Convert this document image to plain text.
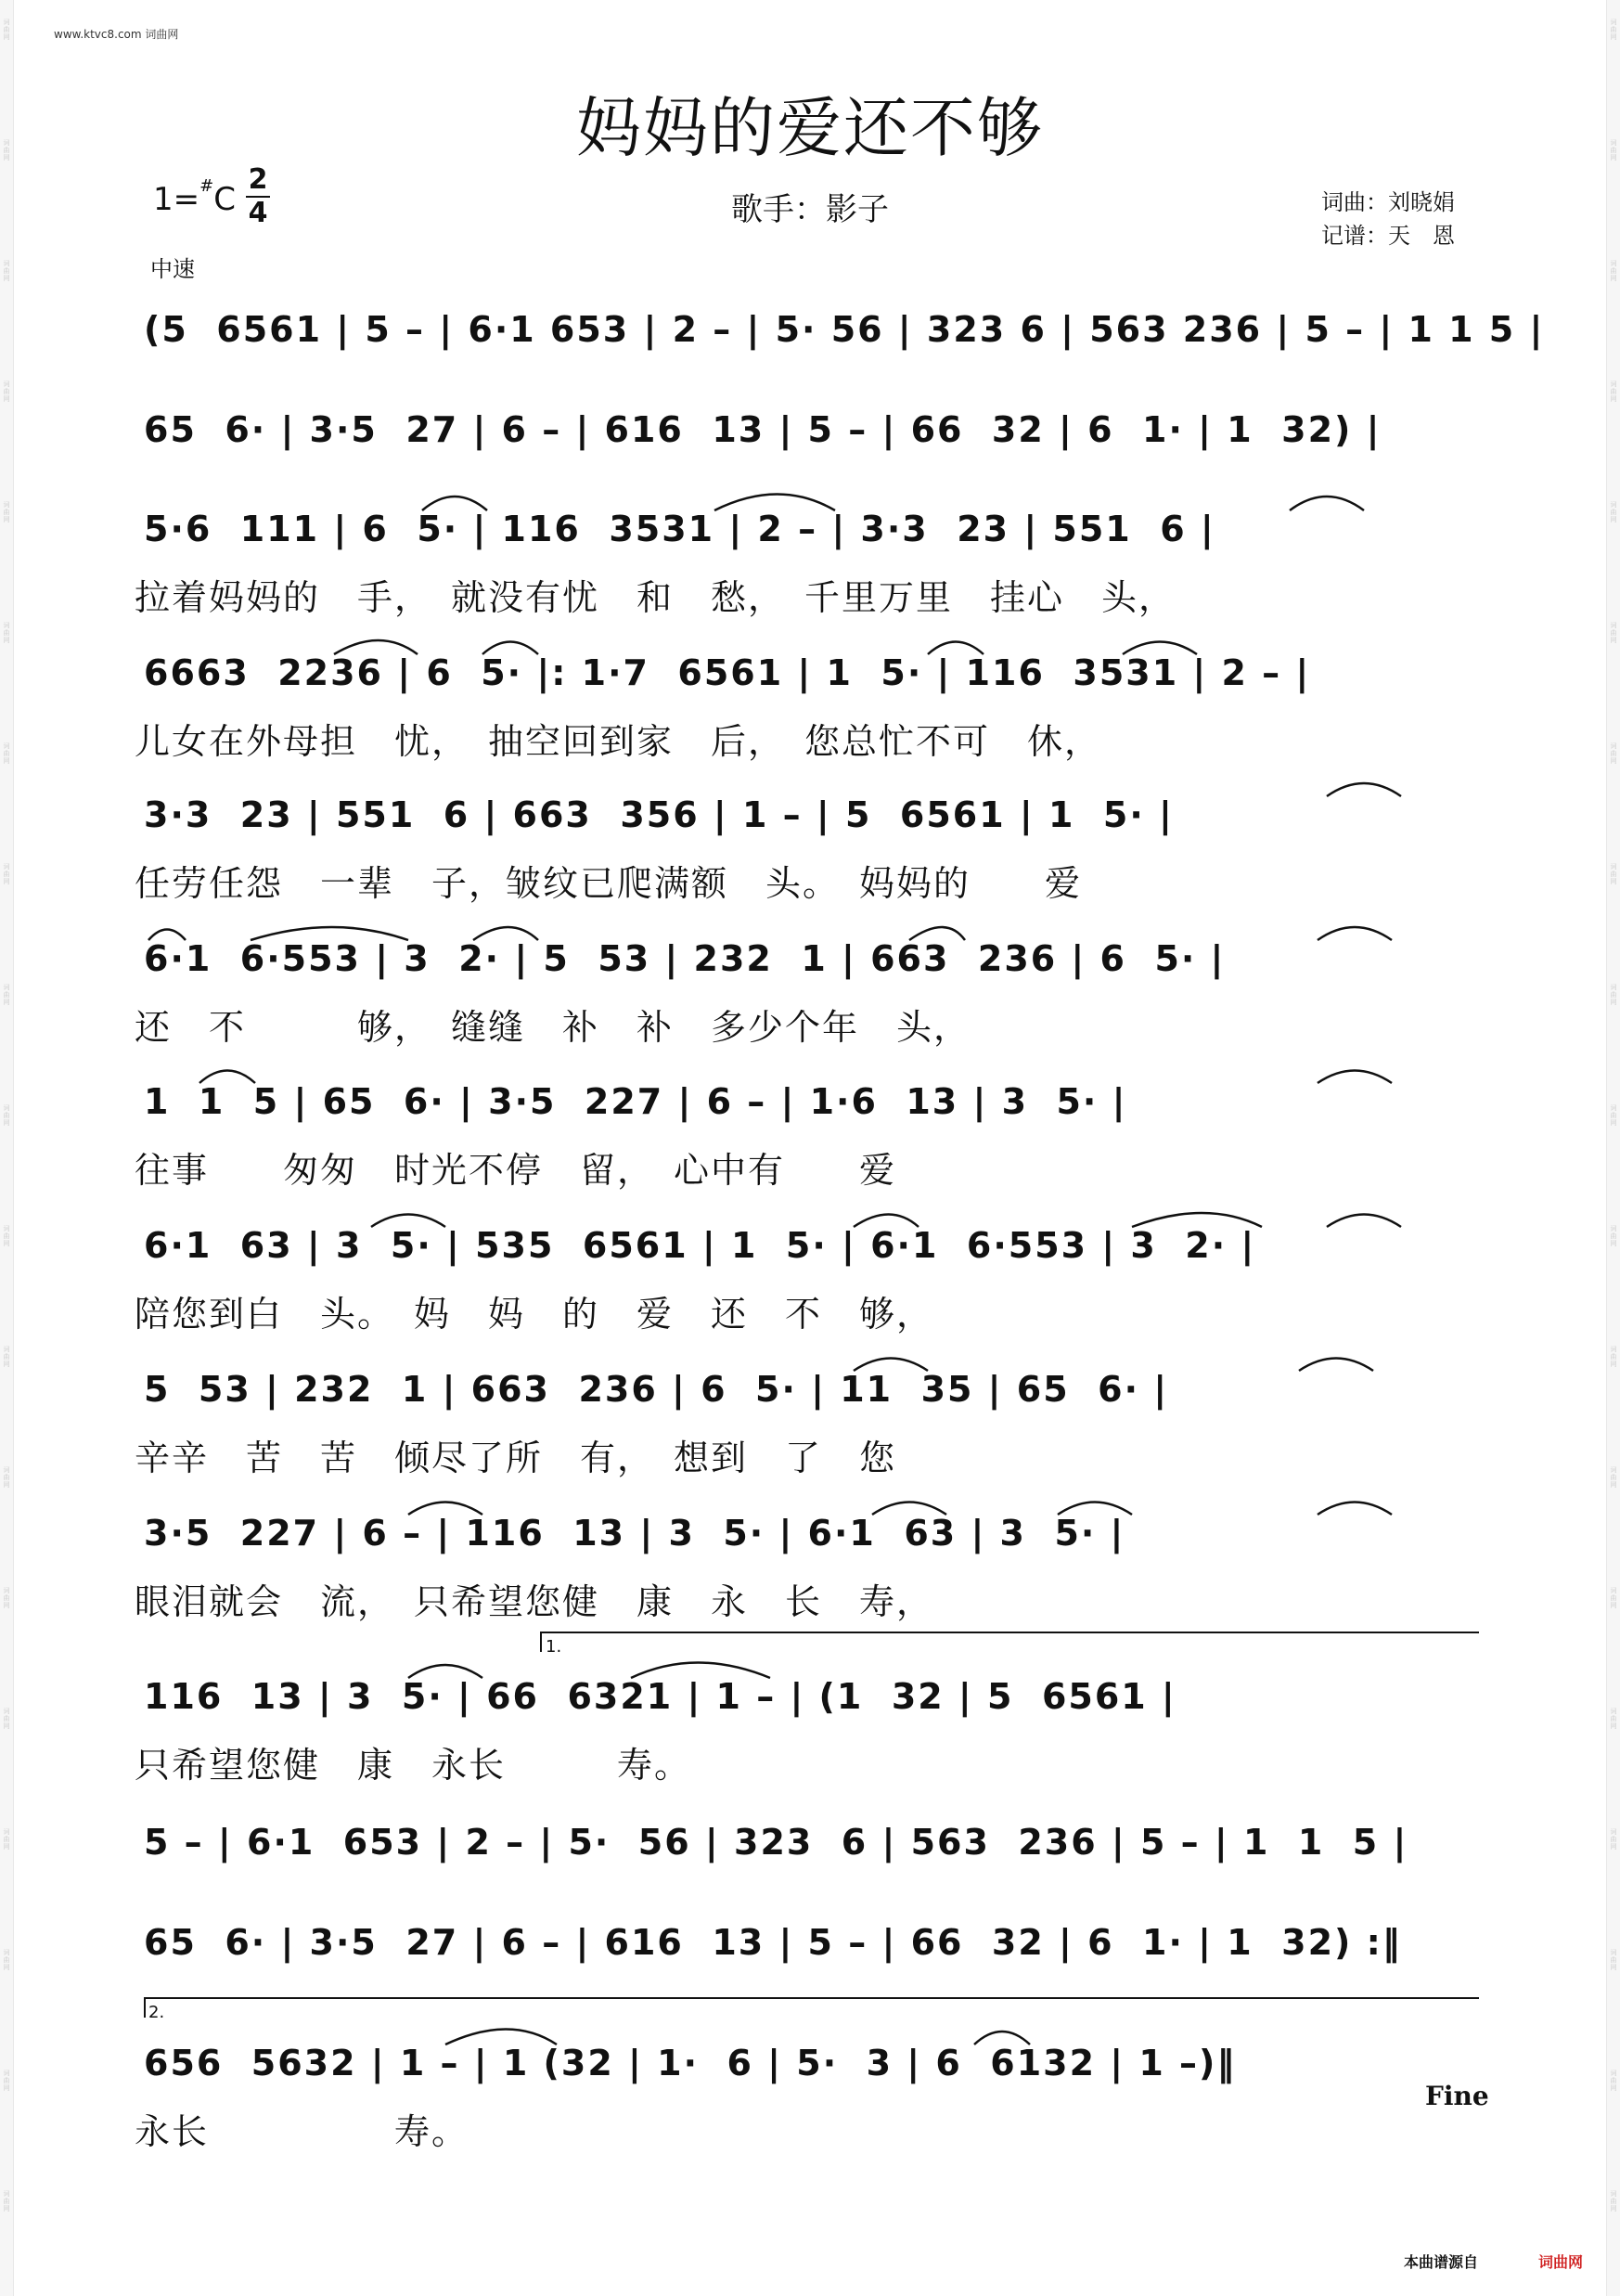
词曲网
词曲网
词曲网
词曲网
词曲网
词曲网
词曲网
词曲网
词曲网
词曲网
词曲网
词曲网
词曲网
词曲网
词曲网
词曲网
词曲网
词曲网
词曲网
词曲网
词曲网
词曲网
词曲网
词曲网
词曲网
词曲网
词曲网
词曲网
词曲网
词曲网
词曲网
词曲网
词曲网
词曲网
词曲网
词曲网
词曲网
词曲网
www.ktvc8.com 词曲网
妈妈的爱还不够
1=#C
2
4
中速
歌手：影子	词曲：刘晓娟
记谱：天　恩
(5  6561 | 5 – | 6·1 653 | 2 – | 5· 56 | 323 6 | 563 236 | 5 – | 1 1 5 |
65  6· | 3·5  27 | 6 – | 616  13 | 5 – | 66  32 | 6  1· | 1  32) |
5·6  111 | 6  5· | 116  3531 | 2 – | 3·3  23 | 551  6 |
拉着妈妈的　手，　就没有忧　和　愁，　千里万里　挂心　头，
6663  2236 | 6  5· |: 1·7  6561 | 1  5· | 116  3531 | 2 – |
儿女在外母担　忧，　抽空回到家　后，　您总忙不可　休，
3·3  23 | 551  6 | 663  356 | 1 – | 5  6561 | 1  5· |
任劳任怨　一辈　子，皱纹已爬满额　头。　妈妈的　　爱
6·1  6·553 | 3  2· | 5  53 | 232  1 | 663  236 | 6  5· |
还　不　　　够，　缝缝　补　补　多少个年　头，
1  1  5 | 65  6· | 3·5  227 | 6 – | 1·6  13 | 3  5· |
往事　　匆匆　时光不停　留，　心中有　　爱
6·1  63 | 3  5· | 535  6561 | 1  5· | 6·1  6·553 | 3  2· |
陪您到白　头。　妈　妈　的　爱　还　不　够，
5  53 | 232  1 | 663  236 | 6  5· | 11  35 | 65  6· |
辛辛　苦　苦　倾尽了所　有，　想到　了　您
3·5  227 | 6 – | 116  13 | 3  5· | 6·1  63 | 3  5· |
眼泪就会　流，　只希望您健　康　永　长　寿，
1.
116  13 | 3  5· | 66  6321 | 1 – | (1  32 | 5  6561 |
只希望您健　康　永长　　　寿。
5 – | 6·1  653 | 2 – | 5·  56 | 323  6 | 563  236 | 5 – | 1  1  5 |
65  6· | 3·5  27 | 6 – | 616  13 | 5 – | 66  32 | 6  1· | 1  32) :‖
2.
656  5632 | 1 – | 1 (32 | 1·  6 | 5·  3 | 6  6132 | 1 –)‖
永长　　　　　寿。
Fine
本曲谱源自	词曲网
